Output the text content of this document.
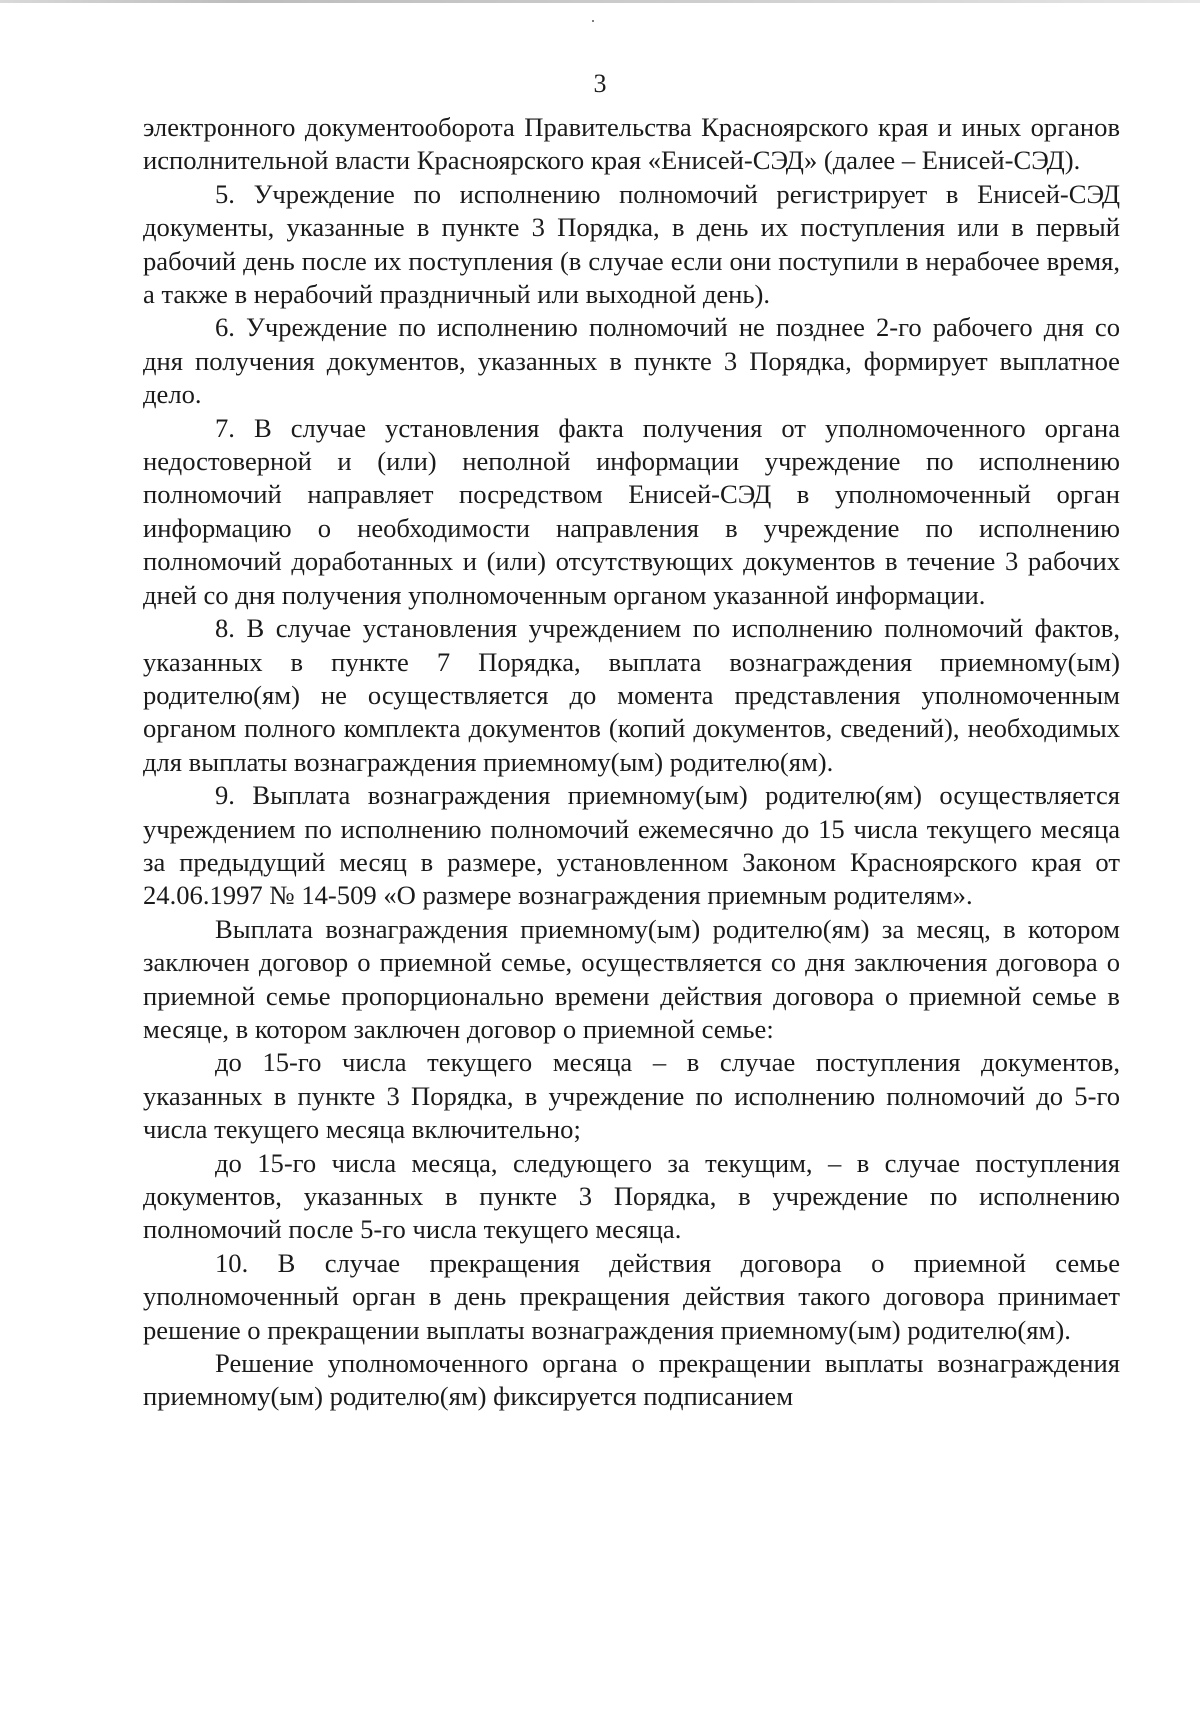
3

электронного документооборота Правительства Красноярского края и иных органов исполнительной власти Красноярского края «Енисей-СЭД» (далее – Енисей-СЭД).

5. Учреждение по исполнению полномочий регистрирует в Енисей-СЭД документы, указанные в пункте 3 Порядка, в день их поступления или в первый рабочий день после их поступления (в случае если они поступили в нерабочее время, а также в нерабочий праздничный или выходной день).

6. Учреждение по исполнению полномочий не позднее 2-го рабочего дня со дня получения документов, указанных в пункте 3 Порядка, формирует выплатное дело.

7. В случае установления факта получения от уполномоченного органа недостоверной и (или) неполной информации учреждение по исполнению полномочий направляет посредством Енисей-СЭД в уполномоченный орган информацию о необходимости направления в учреждение по исполнению полномочий доработанных и (или) отсутствующих документов в течение 3 рабочих дней со дня получения уполномоченным органом указанной информации.

8. В случае установления учреждением по исполнению полномочий фактов, указанных в пункте 7 Порядка, выплата вознаграждения приемному(ым) родителю(ям) не осуществляется до момента представления уполномоченным органом полного комплекта документов (копий документов, сведений), необходимых для выплаты вознаграждения приемному(ым) родителю(ям).

9. Выплата вознаграждения приемному(ым) родителю(ям) осуществляется учреждением по исполнению полномочий ежемесячно до 15 числа текущего месяца за предыдущий месяц в размере, установленном Законом Красноярского края от 24.06.1997 № 14-509 «О размере вознаграждения приемным родителям».

Выплата вознаграждения приемному(ым) родителю(ям) за месяц, в котором заключен договор о приемной семье, осуществляется со дня заключения договора о приемной семье пропорционально времени действия договора о приемной семье в месяце, в котором заключен договор о приемной семье:

до 15-го числа текущего месяца – в случае поступления документов, указанных в пункте 3 Порядка, в учреждение по исполнению полномочий до 5-го числа текущего месяца включительно;

до 15-го числа месяца, следующего за текущим, – в случае поступления документов, указанных в пункте 3 Порядка, в учреждение по исполнению полномочий после 5-го числа текущего месяца.

10. В случае прекращения действия договора о приемной семье уполномоченный орган в день прекращения действия такого договора принимает решение о прекращении выплаты вознаграждения приемному(ым) родителю(ям).

Решение уполномоченного органа о прекращении выплаты вознаграждения приемному(ым) родителю(ям) фиксируется подписанием
